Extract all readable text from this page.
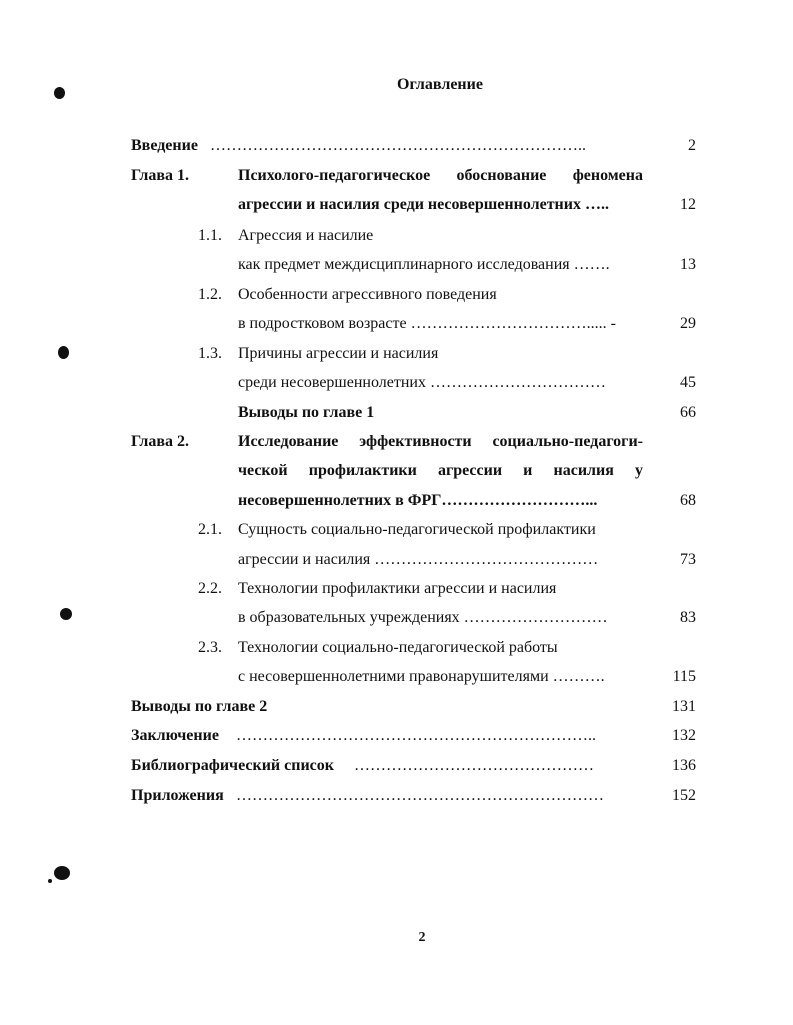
Оглавление
Введение ……………………………………………………………..	2
Глава 1.	Психолого-педагогическое обоснование феномена
агрессии и насилия среди несовершеннолетних …..	12
1.1. Агрессия и насилие
как предмет междисциплинарного исследования …….	13
1.2. Особенности агрессивного поведения
в подростковом возрасте ……………………………..... -	29
1.3. Причины агрессии и насилия
среди несовершеннолетних ……………………………	45
Выводы по главе 1	66
Глава 2.	Исследование эффективности социально-педагоги-
ческой профилактики агрессии и насилия у
несовершеннолетних в ФРГ………………………...	68
2.1. Сущность социально-педагогической профилактики
агрессии и насилия ……………………………………	73
2.2. Технологии профилактики агрессии и насилия
в образовательных учреждениях ………………………	83
2.3. Технологии социально-педагогической работы
с несовершеннолетними правонарушителями ……….	115
Выводы по главе 2	131
Заключение …………………………………………………………..	132
Библиографический список ………………………………………	136
Приложения ……………………………………………………………	152
2
